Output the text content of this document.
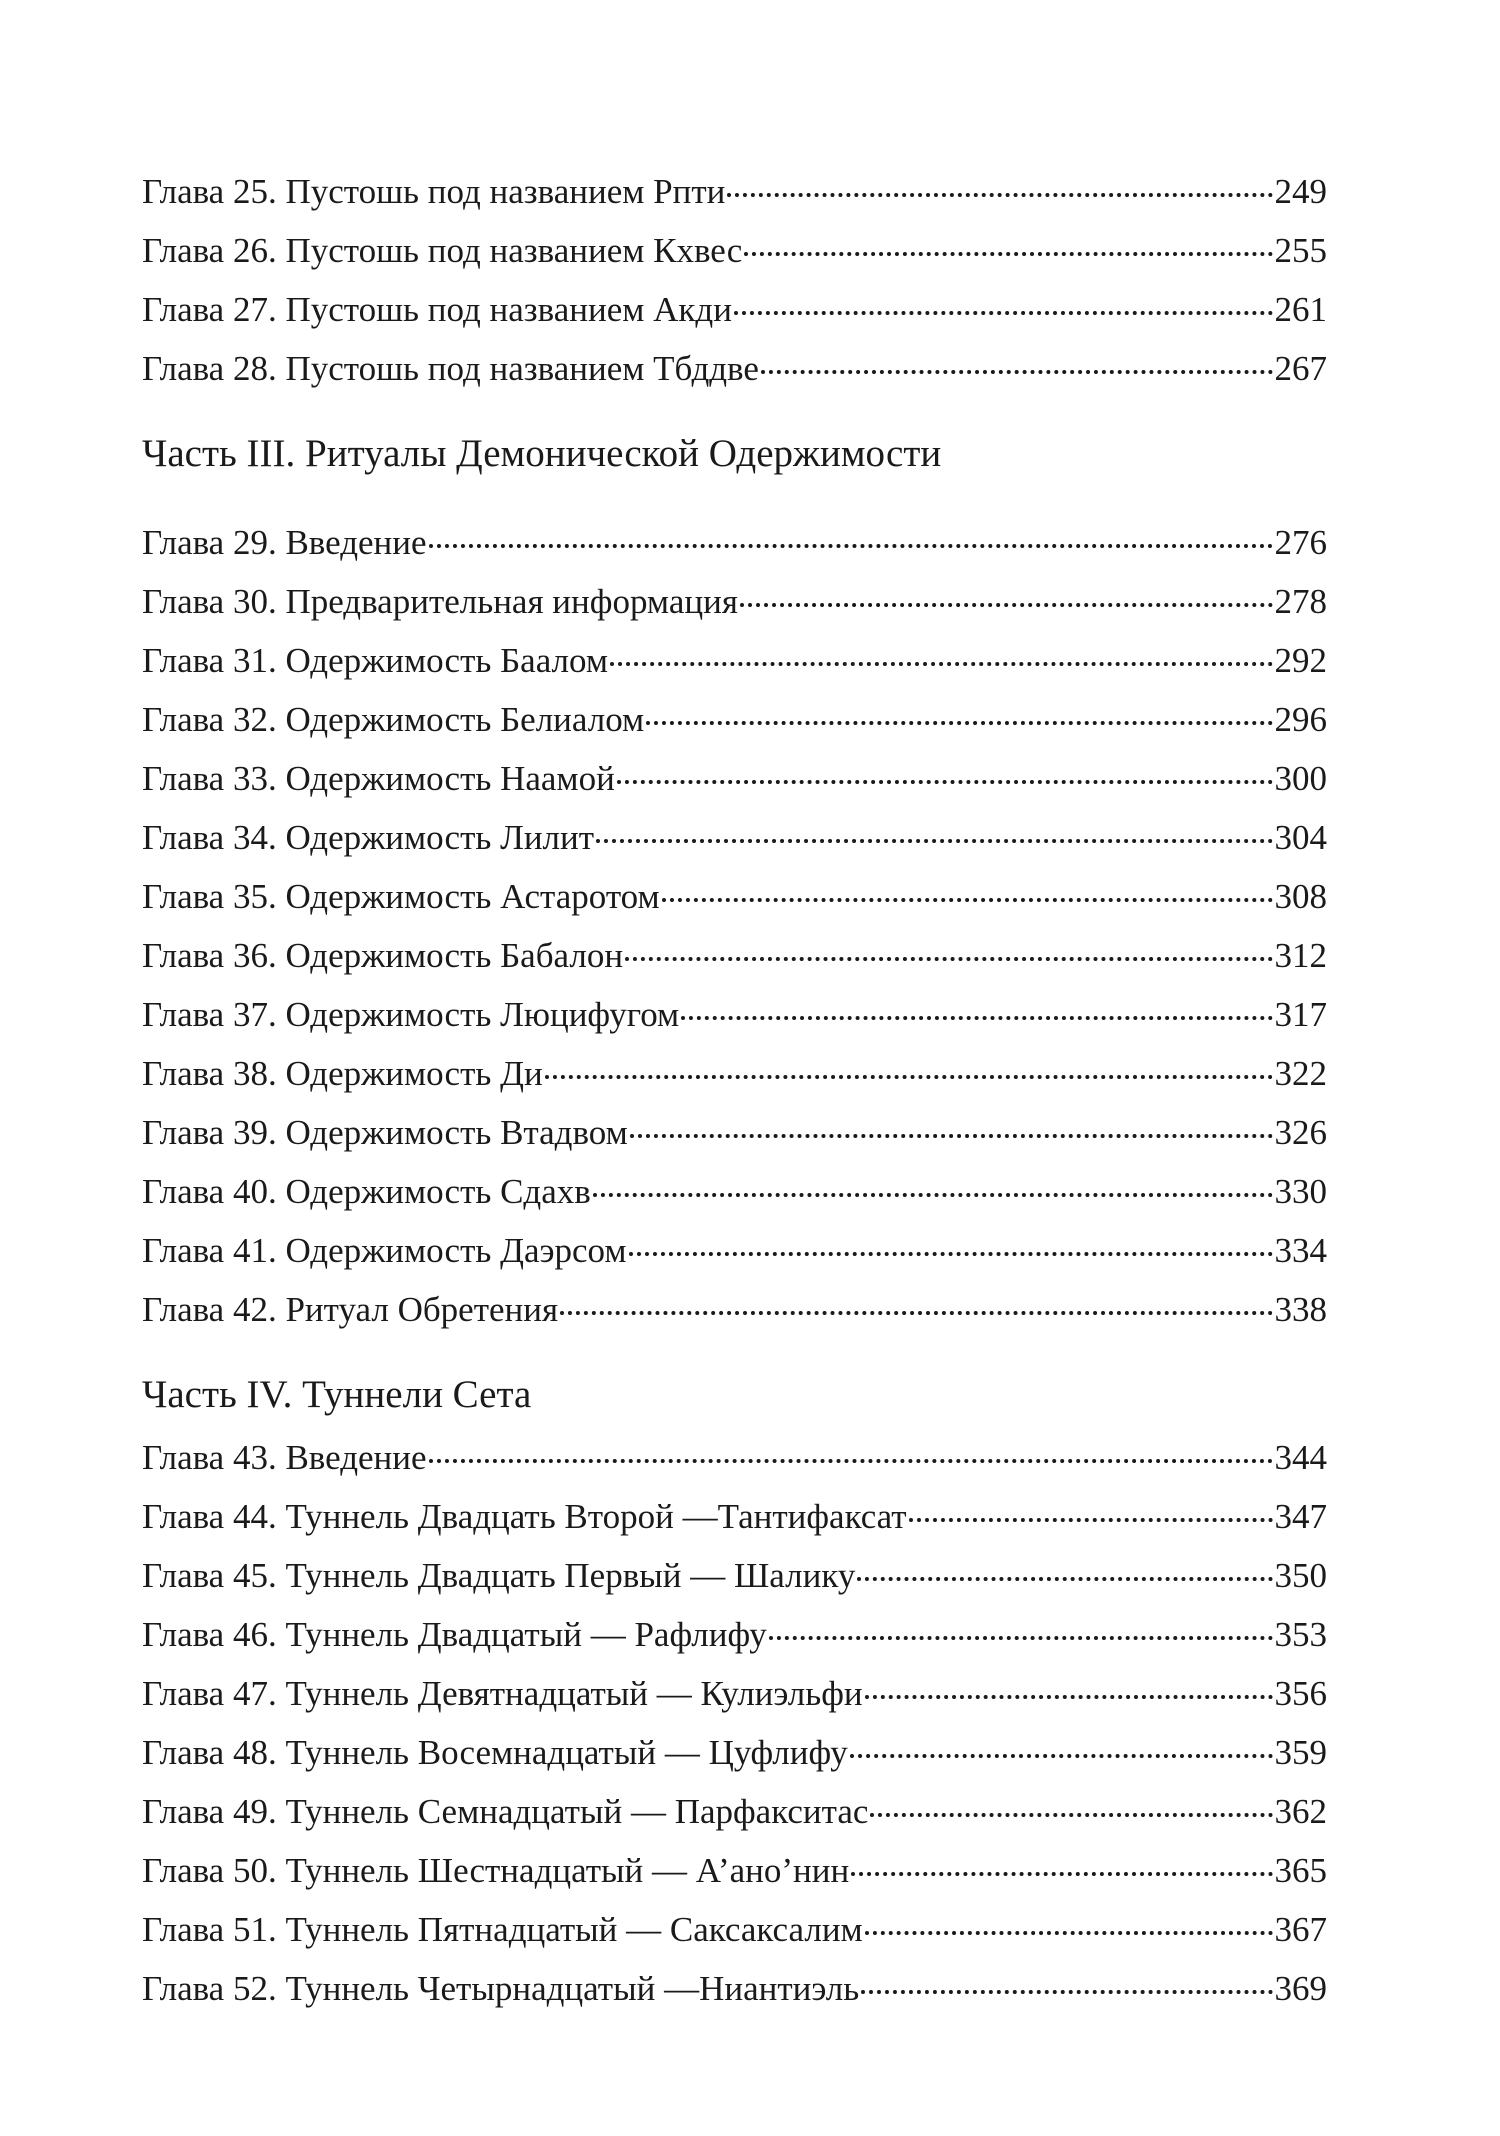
Глава 25. Пустошь под названием Рпти	249
Глава 26. Пустошь под названием Кхвес	255
Глава 27. Пустошь под названием Акди	261
Глава 28. Пустошь под названием Тбддве	267
Часть III. Ритуалы Демонической Одержимости
Глава 29. Введение	276
Глава 30. Предварительная информация	278
Глава 31. Одержимость Баалом	292
Глава 32. Одержимость Белиалом	296
Глава 33. Одержимость Наамой	300
Глава 34. Одержимость Лилит	304
Глава 35. Одержимость Астаротом	308
Глава 36. Одержимость Бабалон	312
Глава 37. Одержимость Люцифугом	317
Глава 38. Одержимость Ди	322
Глава 39. Одержимость Втадвом	326
Глава 40. Одержимость Сдахв	330
Глава 41. Одержимость Даэрсом	334
Глава 42. Ритуал Обретения	338
Часть IV. Туннели Сета
Глава 43. Введение	344
Глава 44. Туннель Двадцать Второй —Тантифаксат	347
Глава 45. Туннель Двадцать Первый — Шалику	350
Глава 46. Туннель Двадцатый — Рафлифу	353
Глава 47. Туннель Девятнадцатый — Кулиэльфи	356
Глава 48. Туннель Восемнадцатый — Цуфлифу	359
Глава 49. Туннель Семнадцатый — Парфакситас	362
Глава 50. Туннель Шестнадцатый — А’ано’нин	365
Глава 51. Туннель Пятнадцатый — Саксаксалим	367
Глава 52. Туннель Четырнадцатый —Ниантиэль	369
